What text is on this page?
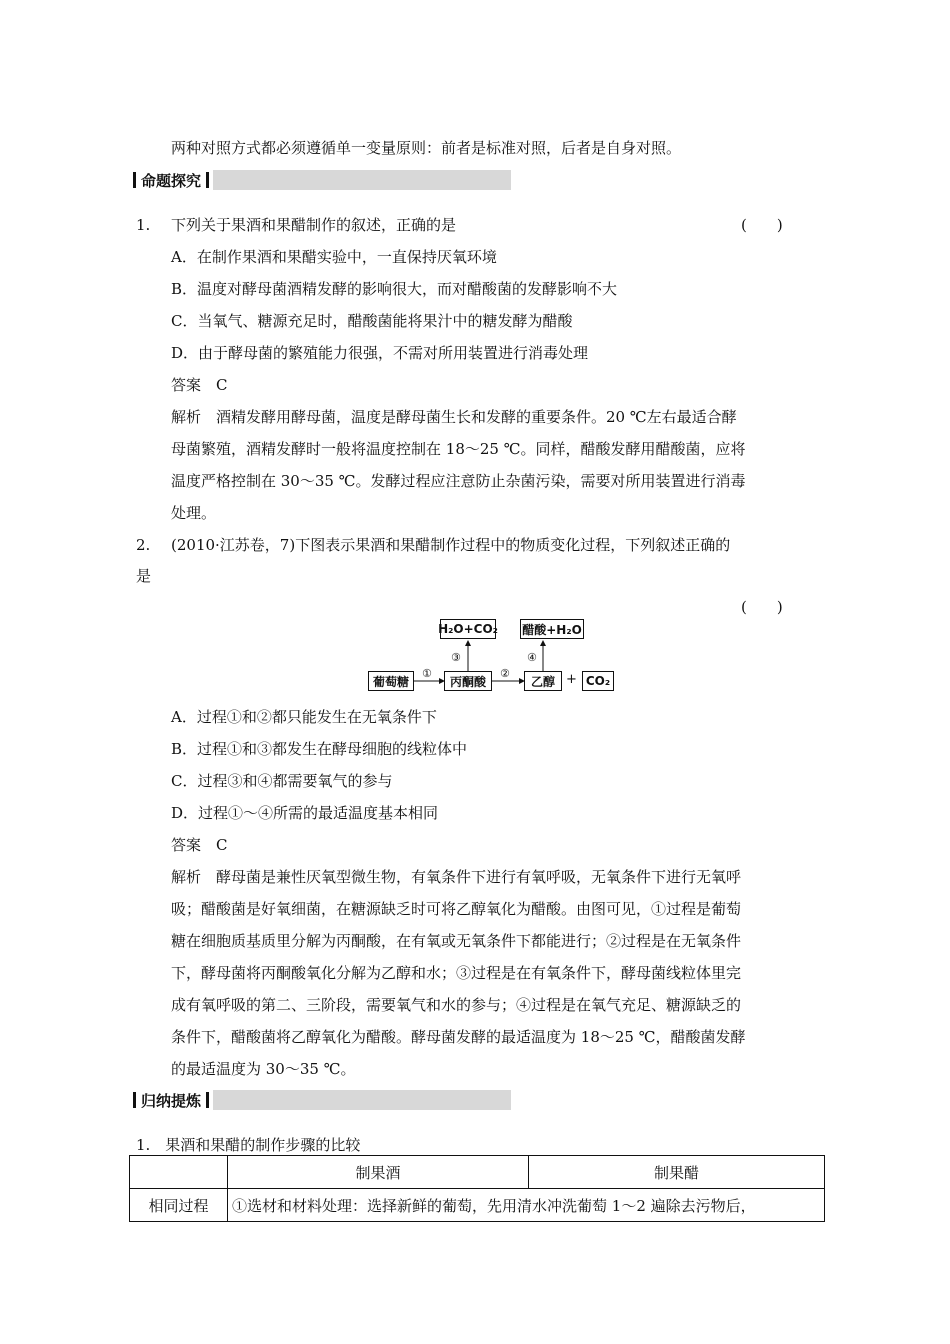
两种对照方式都必须遵循单一变量原则：前者是标准对照，后者是自身对照。
命题探究
1. 下列关于果酒和果醋制作的叙述，正确的是	(　　)
A．在制作果酒和果醋实验中，一直保持厌氧环境
B．温度对酵母菌酒精发酵的影响很大，而对醋酸菌的发酵影响不大
C．当氧气、糖源充足时，醋酸菌能将果汁中的糖发酵为醋酸
D．由于酵母菌的繁殖能力很强，不需对所用装置进行消毒处理
答案　C
解析　酒精发酵用酵母菌，温度是酵母菌生长和发酵的重要条件。20 ℃左右最适合酵
母菌繁殖，酒精发酵时一般将温度控制在 18～25 ℃。同样，醋酸发酵用醋酸菌，应将
温度严格控制在 30～35 ℃。发酵过程应注意防止杂菌污染，需要对所用装置进行消毒
处理。
2. (2010·江苏卷，7)下图表示果酒和果醋制作过程中的物质变化过程，下列叙述正确的
是
(　　)
H₂O+CO₂ 醋酸+H₂O
③	④
葡萄糖
①
丙酮酸
②
乙醇 + CO₂
A．过程①和②都只能发生在无氧条件下
B．过程①和③都发生在酵母细胞的线粒体中
C．过程③和④都需要氧气的参与
D．过程①～④所需的最适温度基本相同
答案　C
解析　酵母菌是兼性厌氧型微生物，有氧条件下进行有氧呼吸，无氧条件下进行无氧呼
吸；醋酸菌是好氧细菌，在糖源缺乏时可将乙醇氧化为醋酸。由图可见，①过程是葡萄
糖在细胞质基质里分解为丙酮酸，在有氧或无氧条件下都能进行；②过程是在无氧条件
下，酵母菌将丙酮酸氧化分解为乙醇和水；③过程是在有氧条件下，酵母菌线粒体里完
成有氧呼吸的第二、三阶段，需要氧气和水的参与；④过程是在氧气充足、糖源缺乏的
条件下，醋酸菌将乙醇氧化为醋酸。酵母菌发酵的最适温度为 18～25 ℃，醋酸菌发酵
的最适温度为 30～35 ℃。
归纳提炼
1.　果酒和果醋的制作步骤的比较
	制果酒	制果醋
相同过程	①选材和材料处理：选择新鲜的葡萄，先用清水冲洗葡萄 1～2 遍除去污物后，	
